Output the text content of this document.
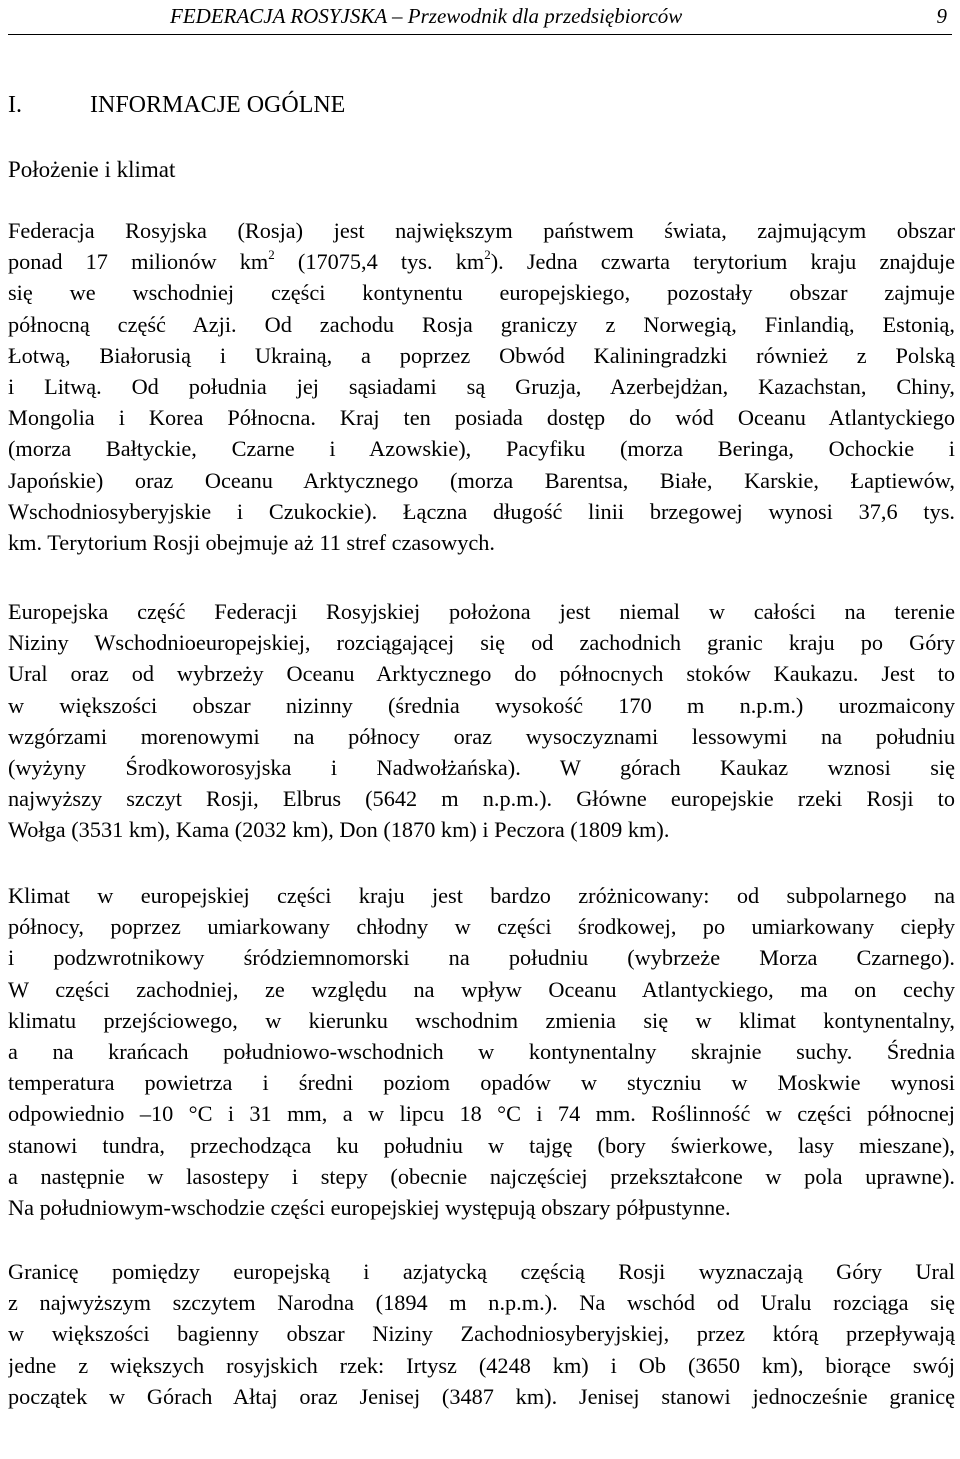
FEDERACJA ROSYJSKA – Przewodnik dla przedsiębiorców	9
I.	INFORMACJE OGÓLNE
Położenie i klimat
Federacja Rosyjska (Rosja) jest największym państwem świata, zajmującym obszar
ponad 17 milionów $km^2$ (17075,4 tys. $km^2$). Jedna czwarta terytorium kraju znajduje
się we wschodniej części kontynentu europejskiego, pozostały obszar zajmuje
północną część Azji. Od zachodu Rosja graniczy z Norwegią, Finlandią, Estonią,
Łotwą, Białorusią i Ukrainą, a poprzez Obwód Kaliningradzki również z Polską
i Litwą. Od południa jej sąsiadami są Gruzja, Azerbejdżan, Kazachstan, Chiny,
Mongolia i Korea Północna. Kraj ten posiada dostęp do wód Oceanu Atlantyckiego
(morza Bałtyckie, Czarne i Azowskie), Pacyfiku (morza Beringa, Ochockie i
Japońskie) oraz Oceanu Arktycznego (morza Barentsa, Białe, Karskie, Łaptiewów,
Wschodniosyberyjskie i Czukockie). Łączna długość linii brzegowej wynosi 37,6 tys.
km. Terytorium Rosji obejmuje aż 11 stref czasowych.
Europejska część Federacji Rosyjskiej położona jest niemal w całości na terenie
Niziny Wschodnioeuropejskiej, rozciągającej się od zachodnich granic kraju po Góry
Ural oraz od wybrzeży Oceanu Arktycznego do północnych stoków Kaukazu. Jest to
w większości obszar nizinny (średnia wysokość 170 m n.p.m.) urozmaicony
wzgórzami morenowymi na północy oraz wysoczyznami lessowymi na południu
(wyżyny Środkoworosyjska i Nadwołżańska). W górach Kaukaz wznosi się
najwyższy szczyt Rosji, Elbrus (5642 m n.p.m.). Główne europejskie rzeki Rosji to
Wołga (3531 km), Kama (2032 km), Don (1870 km) i Peczora (1809 km).
Klimat w europejskiej części kraju jest bardzo zróżnicowany: od subpolarnego na
północy, poprzez umiarkowany chłodny w części środkowej, po umiarkowany ciepły
i podzwrotnikowy śródziemnomorski na południu (wybrzeże Morza Czarnego).
W części zachodniej, ze względu na wpływ Oceanu Atlantyckiego, ma on cechy
klimatu przejściowego, w kierunku wschodnim zmienia się w klimat kontynentalny,
a na krańcach południowo-wschodnich w kontynentalny skrajnie suchy. Średnia
temperatura powietrza i średni poziom opadów w styczniu w Moskwie wynosi
odpowiednio –10 °C i 31 mm, a w lipcu 18 °C i 74 mm. Roślinność w części północnej
stanowi tundra, przechodząca ku południu w tajgę (bory świerkowe, lasy mieszane),
a następnie w lasostepy i stepy (obecnie najczęściej przekształcone w pola uprawne).
Na południowym-wschodzie części europejskiej występują obszary półpustynne.
Granicę pomiędzy europejską i azjatycką częścią Rosji wyznaczają Góry Ural
z najwyższym szczytem Narodna (1894 m n.p.m.). Na wschód od Uralu rozciąga się
w większości bagienny obszar Niziny Zachodniosyberyjskiej, przez którą przepływają
jedne z większych rosyjskich rzek: Irtysz (4248 km) i Ob (3650 km), biorące swój
początek w Górach Ałtaj oraz Jenisej (3487 km). Jenisej stanowi jednocześnie granicę
